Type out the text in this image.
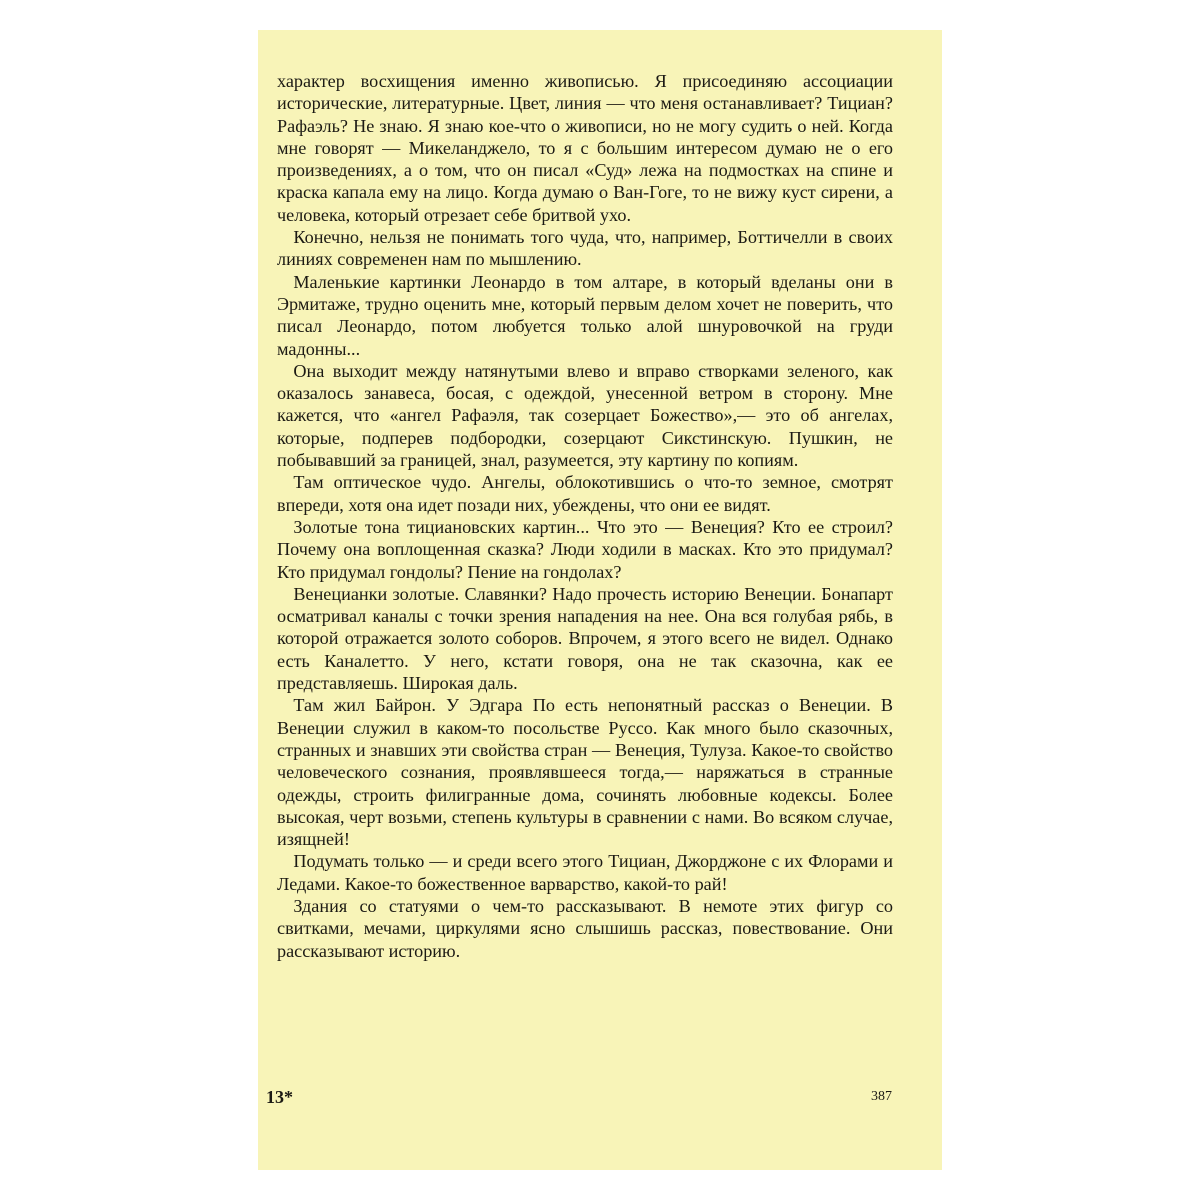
характер восхищения именно живописью. Я присоединяю ассоциации исторические, литературные. Цвет, линия — что меня останавливает? Тициан? Рафаэль? Не знаю. Я знаю кое-что о живописи, но не могу судить о ней. Когда мне говорят — Микеланджело, то я с большим интересом думаю не о его произведениях, а о том, что он писал «Суд» лежа на подмостках на спине и краска капала ему на лицо. Когда думаю о Ван-Гоге, то не вижу куст сирени, а человека, который отрезает себе бритвой ухо.

Конечно, нельзя не понимать того чуда, что, например, Боттичелли в своих линиях современен нам по мышлению.

Маленькие картинки Леонардо в том алтаре, в который вделаны они в Эрмитаже, трудно оценить мне, который первым делом хочет не поверить, что писал Леонардо, потом любуется только алой шнуровочкой на груди мадонны...

Она выходит между натянутыми влево и вправо створками зеленого, как оказалось занавеса, босая, с одеждой, унесенной ветром в сторону. Мне кажется, что «ангел Рафаэля, так созерцает Божество»,— это об ангелах, которые, подперев подбородки, созерцают Сикстинскую. Пушкин, не побывавший за границей, знал, разумеется, эту картину по копиям.

Там оптическое чудо. Ангелы, облокотившись о что-то земное, смотрят впереди, хотя она идет позади них, убеждены, что они ее видят.

Золотые тона тициановских картин... Что это — Венеция? Кто ее строил? Почему она воплощенная сказка? Люди ходили в масках. Кто это придумал? Кто придумал гондолы? Пение на гондолах?

Венецианки золотые. Славянки? Надо прочесть историю Венеции. Бонапарт осматривал каналы с точки зрения нападения на нее. Она вся голубая рябь, в которой отражается золото соборов. Впрочем, я этого всего не видел. Однако есть Каналетто. У него, кстати говоря, она не так сказочна, как ее представляешь. Широкая даль.

Там жил Байрон. У Эдгара По есть непонятный рассказ о Венеции. В Венеции служил в каком-то посольстве Руссо. Как много было сказочных, странных и знавших эти свойства стран — Венеция, Тулуза. Какое-то свойство человеческого сознания, проявлявшееся тогда,— наряжаться в странные одежды, строить филигранные дома, сочинять любовные кодексы. Более высокая, черт возьми, степень культуры в сравнении с нами. Во всяком случае, изящней!

Подумать только — и среди всего этого Тициан, Джорджоне с их Флорами и Ледами. Какое-то божественное варварство, какой-то рай!

Здания со статуями о чем-то рассказывают. В немоте этих фигур со свитками, мечами, циркулями ясно слышишь рассказ, повествование. Они рассказывают историю.

13*	387
